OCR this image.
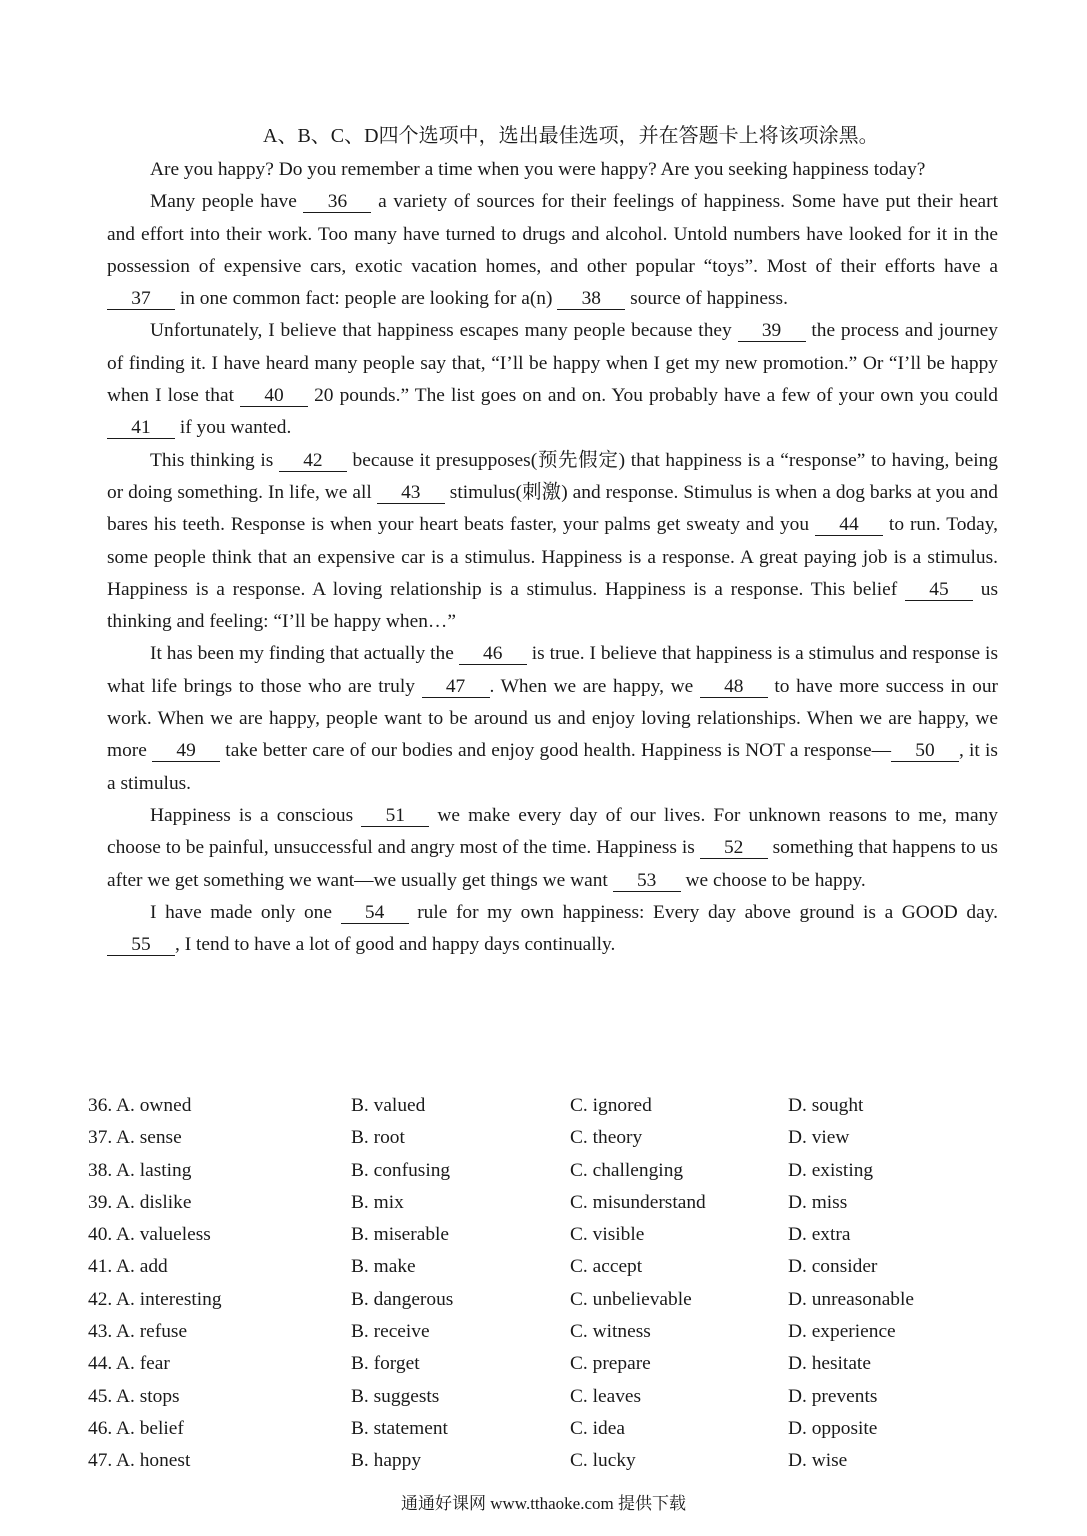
A、B、C、D四个选项中，选出最佳选项，并在答题卡上将该项涂黑。

Are you happy? Do you remember a time when you were happy? Are you seeking happiness today?

Many people have 36 a variety of sources for their feelings of happiness. Some have put their heart and effort into their work. Too many have turned to drugs and alcohol. Untold numbers have looked for it in the possession of expensive cars, exotic vacation homes, and other popular “toys”. Most of their efforts have a 37 in one common fact: people are looking for a(n) 38 source of happiness.

Unfortunately, I believe that happiness escapes many people because they 39 the process and journey of finding it. I have heard many people say that, “I’ll be happy when I get my new promotion.” Or “I’ll be happy when I lose that 40 20 pounds.” The list goes on and on. You probably have a few of your own you could 41 if you wanted.

This thinking is 42 because it presupposes(预先假定) that happiness is a “response” to having, being or doing something. In life, we all 43 stimulus(刺激) and response. Stimulus is when a dog barks at you and bares his teeth. Response is when your heart beats faster, your palms get sweaty and you 44 to run. Today, some people think that an expensive car is a stimulus. Happiness is a response. A great paying job is a stimulus. Happiness is a response. A loving relationship is a stimulus. Happiness is a response. This belief 45 us thinking and feeling: “I’ll be happy when…”

It has been my finding that actually the 46 is true. I believe that happiness is a stimulus and response is what life brings to those who are truly 47 . When we are happy, we 48 to have more success in our work. When we are happy, people want to be around us and enjoy loving relationships. When we are happy, we more 49 take better care of our bodies and enjoy good health. Happiness is NOT a response— 50 , it is a stimulus.

Happiness is a conscious 51 we make every day of our lives. For unknown reasons to me, many choose to be painful, unsuccessful and angry most of the time. Happiness is 52 something that happens to us after we get something we want—we usually get things we want 53 we choose to be happy.

I have made only one 54 rule for my own happiness: Every day above ground is a GOOD day. 55 , I tend to have a lot of good and happy days continually.

36. A. owned	B. valued	C. ignored	D. sought
37. A. sense	B. root	C. theory	D. view
38. A. lasting	B. confusing	C. challenging	D. existing
39. A. dislike	B. mix	C. misunderstand	D. miss
40. A. valueless	B. miserable	C. visible	D. extra
41. A. add	B. make	C. accept	D. consider
42. A. interesting	B. dangerous	C. unbelievable	D. unreasonable
43. A. refuse	B. receive	C. witness	D. experience
44. A. fear	B. forget	C. prepare	D. hesitate
45. A. stops	B. suggests	C. leaves	D. prevents
46. A. belief	B. statement	C. idea	D. opposite
47. A. honest	B. happy	C. lucky	D. wise
通通好课网 www.tthaoke.com 提供下载
